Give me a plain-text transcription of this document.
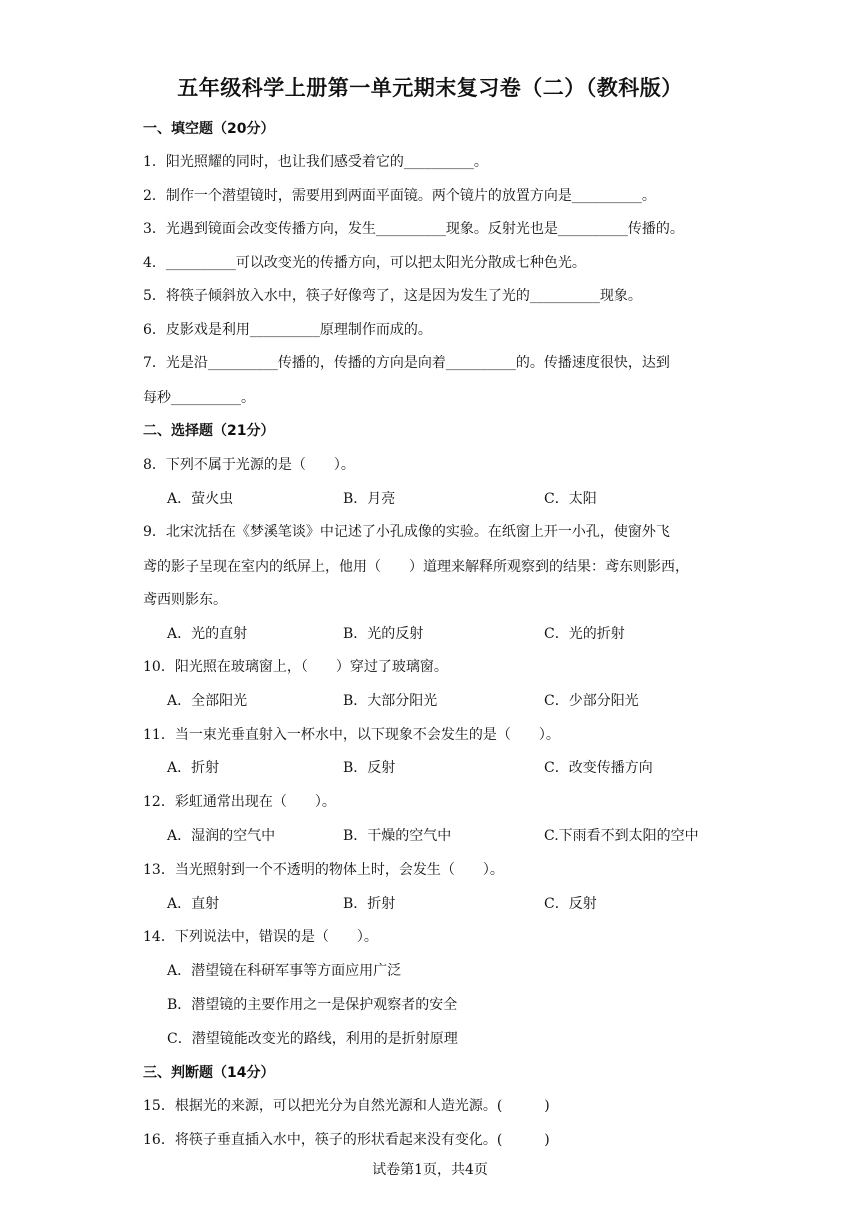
五年级科学上册第一单元期末复习卷（二）（教科版）
一、填空题（20分）
1．阳光照耀的同时，也让我们感受着它的__________。
2．制作一个潜望镜时，需要用到两面平面镜。两个镜片的放置方向是__________。
3．光遇到镜面会改变传播方向，发生__________现象。反射光也是__________传播的。
4．__________可以改变光的传播方向，可以把太阳光分散成七种色光。
5．将筷子倾斜放入水中，筷子好像弯了，这是因为发生了光的__________现象。
6．皮影戏是利用__________原理制作而成的。
7．光是沿__________传播的，传播的方向是向着__________的。传播速度很快，达到
每秒__________。
二、选择题（21分）
8．下列不属于光源的是（　　）。
A．萤火虫	B．月亮	C．太阳
9．北宋沈括在《梦溪笔谈》中记述了小孔成像的实验。在纸窗上开一小孔，使窗外飞
鸢的影子呈现在室内的纸屏上，他用（　　）道理来解释所观察到的结果：鸢东则影西，
鸢西则影东。
A．光的直射	B．光的反射	C．光的折射
10．阳光照在玻璃窗上，（　　）穿过了玻璃窗。
A．全部阳光	B．大部分阳光	C．少部分阳光
11．当一束光垂直射入一杯水中，以下现象不会发生的是（　　）。
A．折射	B．反射	C．改变传播方向
12．彩虹通常出现在（　　）。
A．湿润的空气中	B．干燥的空气中	C.下雨看不到太阳的空中
13．当光照射到一个不透明的物体上时，会发生（　　）。
A．直射	B．折射	C．反射
14．下列说法中，错误的是（　　）。
A．潜望镜在科研军事等方面应用广泛
B．潜望镜的主要作用之一是保护观察者的安全
C．潜望镜能改变光的路线，利用的是折射原理
三、判断题（14分）
15．根据光的来源，可以把光分为自然光源和人造光源。(　　　)
16．将筷子垂直插入水中，筷子的形状看起来没有变化。(　　　)
试卷第1页，共4页
